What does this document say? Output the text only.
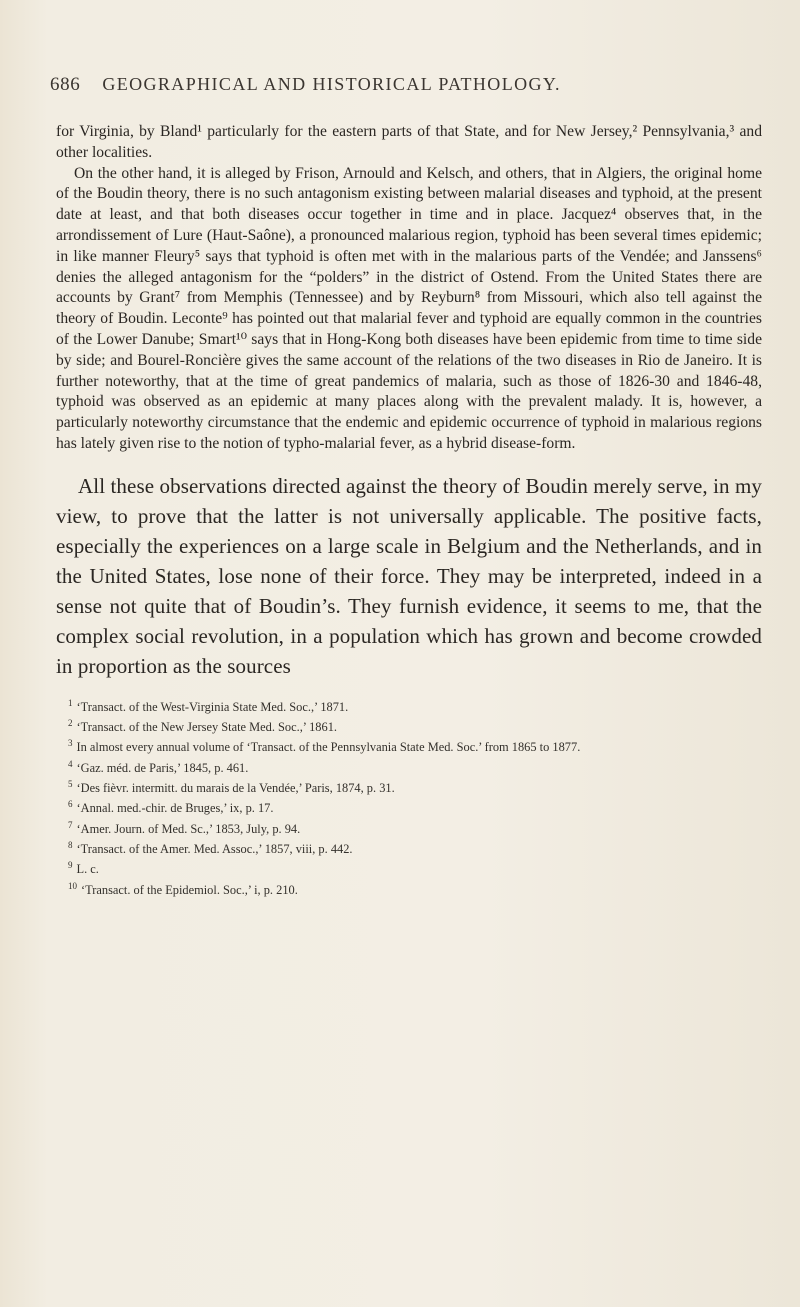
686 GEOGRAPHICAL AND HISTORICAL PATHOLOGY.

for Virginia, by Bland¹ particularly for the eastern parts of that State, and for New Jersey,² Pennsylvania,³ and other localities.

On the other hand, it is alleged by Frison, Arnould and Kelsch, and others, that in Algiers, the original home of the Boudin theory, there is no such antagonism existing between malarial diseases and typhoid, at the present date at least, and that both diseases occur together in time and in place. Jacquez⁴ observes that, in the arrondissement of Lure (Haut-Saône), a pronounced malarious region, typhoid has been several times epidemic; in like manner Fleury⁵ says that typhoid is often met with in the malarious parts of the Vendée; and Janssens⁶ denies the alleged antagonism for the “polders” in the district of Ostend. From the United States there are accounts by Grant⁷ from Memphis (Tennessee) and by Reyburn⁸ from Missouri, which also tell against the theory of Boudin. Leconte⁹ has pointed out that malarial fever and typhoid are equally common in the countries of the Lower Danube; Smart¹⁰ says that in Hong-Kong both diseases have been epidemic from time to time side by side; and Bourel-Roncière gives the same account of the relations of the two diseases in Rio de Janeiro. It is further noteworthy, that at the time of great pandemics of malaria, such as those of 1826-30 and 1846-48, typhoid was observed as an epidemic at many places along with the prevalent malady. It is, however, a particularly noteworthy circumstance that the endemic and epidemic occurrence of typhoid in malarious regions has lately given rise to the notion of typho-malarial fever, as a hybrid disease-form.

All these observations directed against the theory of Boudin merely serve, in my view, to prove that the latter is not universally applicable. The positive facts, especially the experiences on a large scale in Belgium and the Netherlands, and in the United States, lose none of their force. They may be interpreted, indeed in a sense not quite that of Boudin’s. They furnish evidence, it seems to me, that the complex social revolution, in a population which has grown and become crowded in proportion as the sources

$^1$ ‘Transact. of the West-Virginia State Med. Soc.,’ 1871.
$^2$ ‘Transact. of the New Jersey State Med. Soc.,’ 1861.
$^3$ In almost every annual volume of ‘Transact. of the Pennsylvania State Med. Soc.’ from 1865 to 1877.
$^4$ ‘Gaz. méd. de Paris,’ 1845, p. 461.
$^5$ ‘Des fièvr. intermitt. du marais de la Vendée,’ Paris, 1874, p. 31.
$^6$ ‘Annal. med.-chir. de Bruges,’ ix, p. 17.
$^7$ ‘Amer. Journ. of Med. Sc.,’ 1853, July, p. 94.
$^8$ ‘Transact. of the Amer. Med. Assoc.,’ 1857, viii, p. 442.
$^9$ L. c.
$^{10}$ ‘Transact. of the Epidemiol. Soc.,’ i, p. 210.
